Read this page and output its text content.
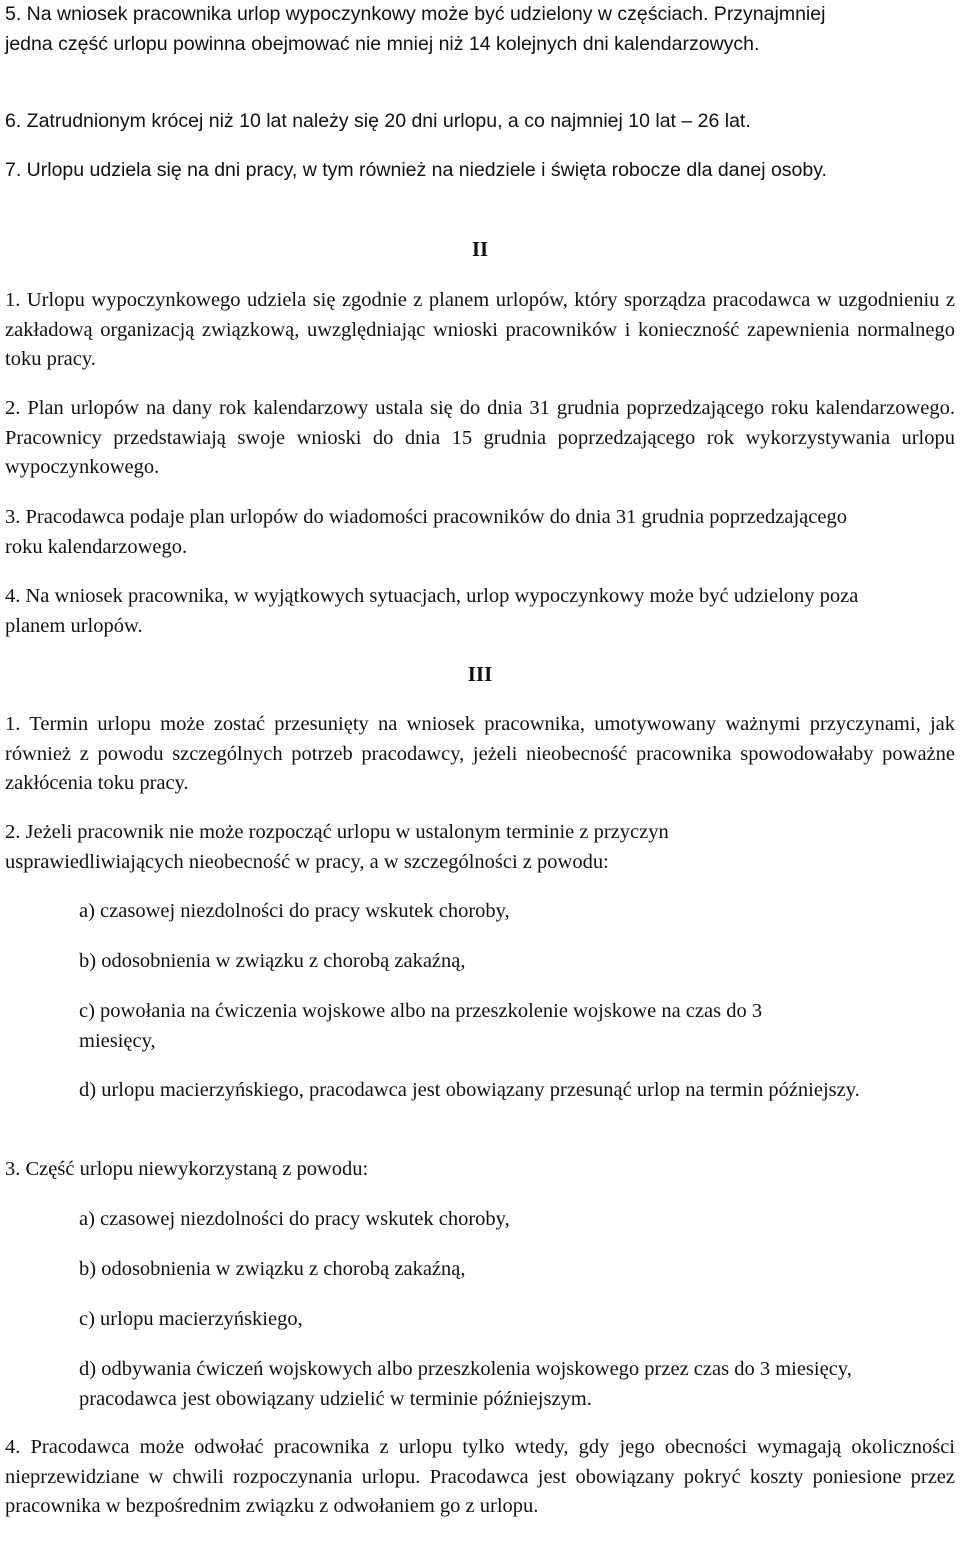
5. Na wniosek pracownika urlop wypoczynkowy może być udzielony w częściach. Przynajmniej jedna część urlopu powinna obejmować nie mniej niż 14 kolejnych dni kalendarzowych.

6. Zatrudnionym krócej niż 10 lat należy się 20 dni urlopu, a co najmniej 10 lat – 26 lat.

7. Urlopu udziela się na dni pracy, w tym również na niedziele i święta robocze dla danej osoby.

II

1. Urlopu wypoczynkowego udziela się zgodnie z planem urlopów, który sporządza pracodawca w uzgodnieniu z zakładową organizacją związkową, uwzględniając wnioski pracowników i konieczność zapewnienia normalnego toku pracy.

2. Plan urlopów na dany rok kalendarzowy ustala się do dnia 31 grudnia poprzedzającego roku kalendarzowego. Pracownicy przedstawiają swoje wnioski do dnia 15 grudnia poprzedzającego rok wykorzystywania urlopu wypoczynkowego.

3. Pracodawca podaje plan urlopów do wiadomości pracowników do dnia 31 grudnia poprzedzającego roku kalendarzowego.

4. Na wniosek pracownika, w wyjątkowych sytuacjach, urlop wypoczynkowy może być udzielony poza planem urlopów.

III

1. Termin urlopu może zostać przesunięty na wniosek pracownika, umotywowany ważnymi przyczynami, jak również z powodu szczególnych potrzeb pracodawcy, jeżeli nieobecność pracownika spowodowałaby poważne zakłócenia toku pracy.

2. Jeżeli pracownik nie może rozpocząć urlopu w ustalonym terminie z przyczyn usprawiedliwiających nieobecność w pracy, a w szczególności z powodu:

a) czasowej niezdolności do pracy wskutek choroby,

b) odosobnienia w związku z chorobą zakaźną,

c) powołania na ćwiczenia wojskowe albo na przeszkolenie wojskowe na czas do 3 miesięcy,

d) urlopu macierzyńskiego, pracodawca jest obowiązany przesunąć urlop na termin późniejszy.

3. Część urlopu niewykorzystaną z powodu:

a) czasowej niezdolności do pracy wskutek choroby,

b) odosobnienia w związku z chorobą zakaźną,

c) urlopu macierzyńskiego,

d) odbywania ćwiczeń wojskowych albo przeszkolenia wojskowego przez czas do 3 miesięcy, pracodawca jest obowiązany udzielić w terminie późniejszym.

4. Pracodawca może odwołać pracownika z urlopu tylko wtedy, gdy jego obecności wymagają okoliczności nieprzewidziane w chwili rozpoczynania urlopu. Pracodawca jest obowiązany pokryć koszty poniesione przez pracownika w bezpośrednim związku z odwołaniem go z urlopu.
